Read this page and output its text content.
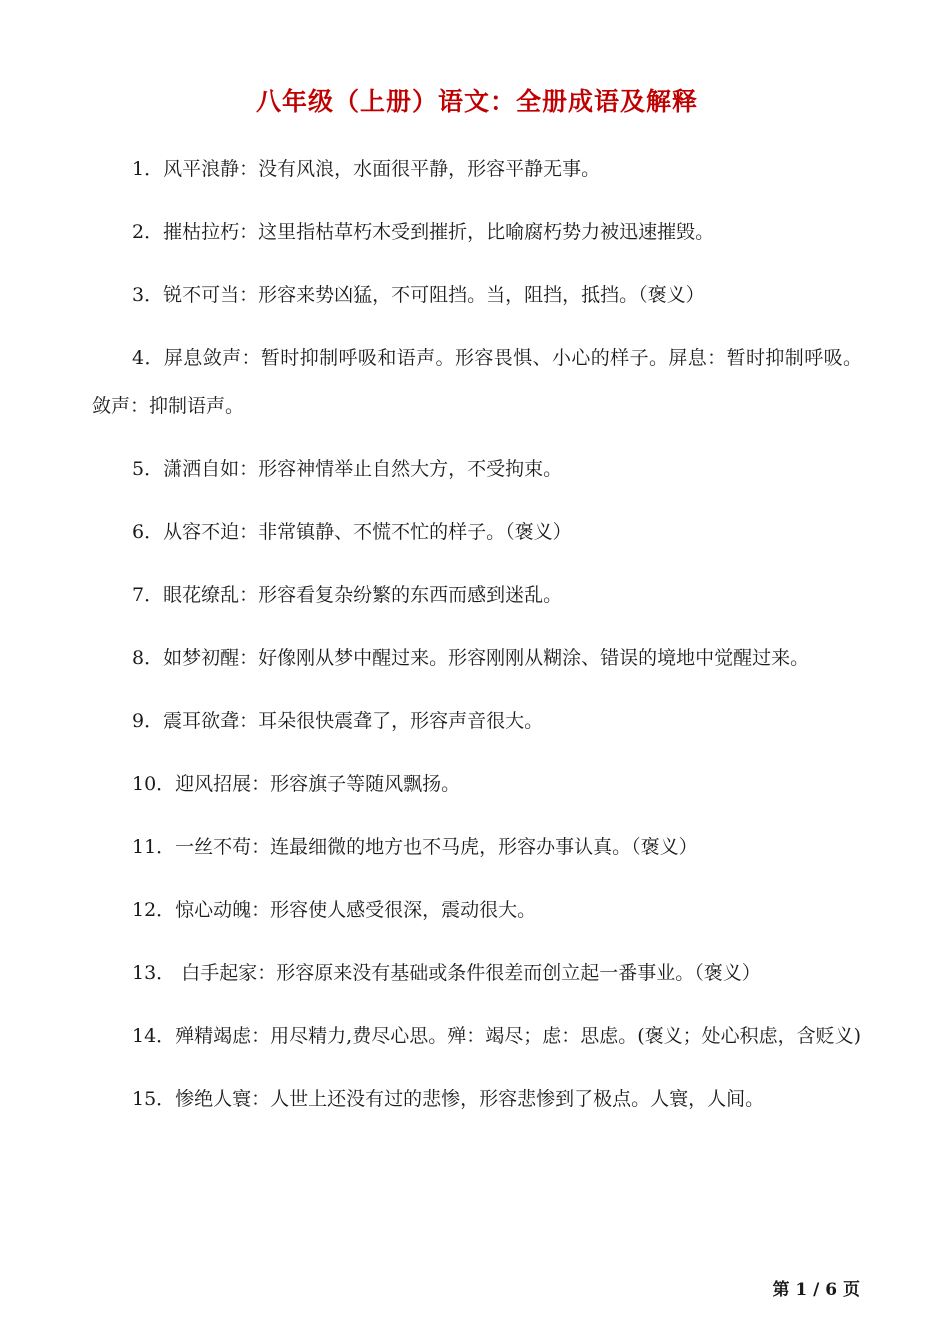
八年级（上册）语文：全册成语及解释
1．风平浪静：没有风浪，水面很平静，形容平静无事。
2．摧枯拉朽：这里指枯草朽木受到摧折，比喻腐朽势力被迅速摧毁。
3．锐不可当：形容来势凶猛，不可阻挡。当，阻挡，抵挡。（褒义）
4．屏息敛声：暂时抑制呼吸和语声。形容畏惧、小心的样子。屏息：暂时抑制呼吸。敛声：抑制语声。
5．潇洒自如：形容神情举止自然大方，不受拘束。
6．从容不迫：非常镇静、不慌不忙的样子。（褒义）
7．眼花缭乱：形容看复杂纷繁的东西而感到迷乱。
8．如梦初醒：好像刚从梦中醒过来。形容刚刚从糊涂、错误的境地中觉醒过来。
9．震耳欲聋：耳朵很快震聋了，形容声音很大。
10．迎风招展：形容旗子等随风飘扬。
11．一丝不苟：连最细微的地方也不马虎，形容办事认真。（褒义）
12．惊心动魄：形容使人感受很深，震动很大。
13． 白手起家：形容原来没有基础或条件很差而创立起一番事业。（褒义）
14．殚精竭虑：用尽精力,费尽心思。殚：竭尽；虑：思虑。(褒义；处心积虑，含贬义)
15．惨绝人寰：人世上还没有过的悲惨，形容悲惨到了极点。人寰，人间。
第 1 / 6 页
